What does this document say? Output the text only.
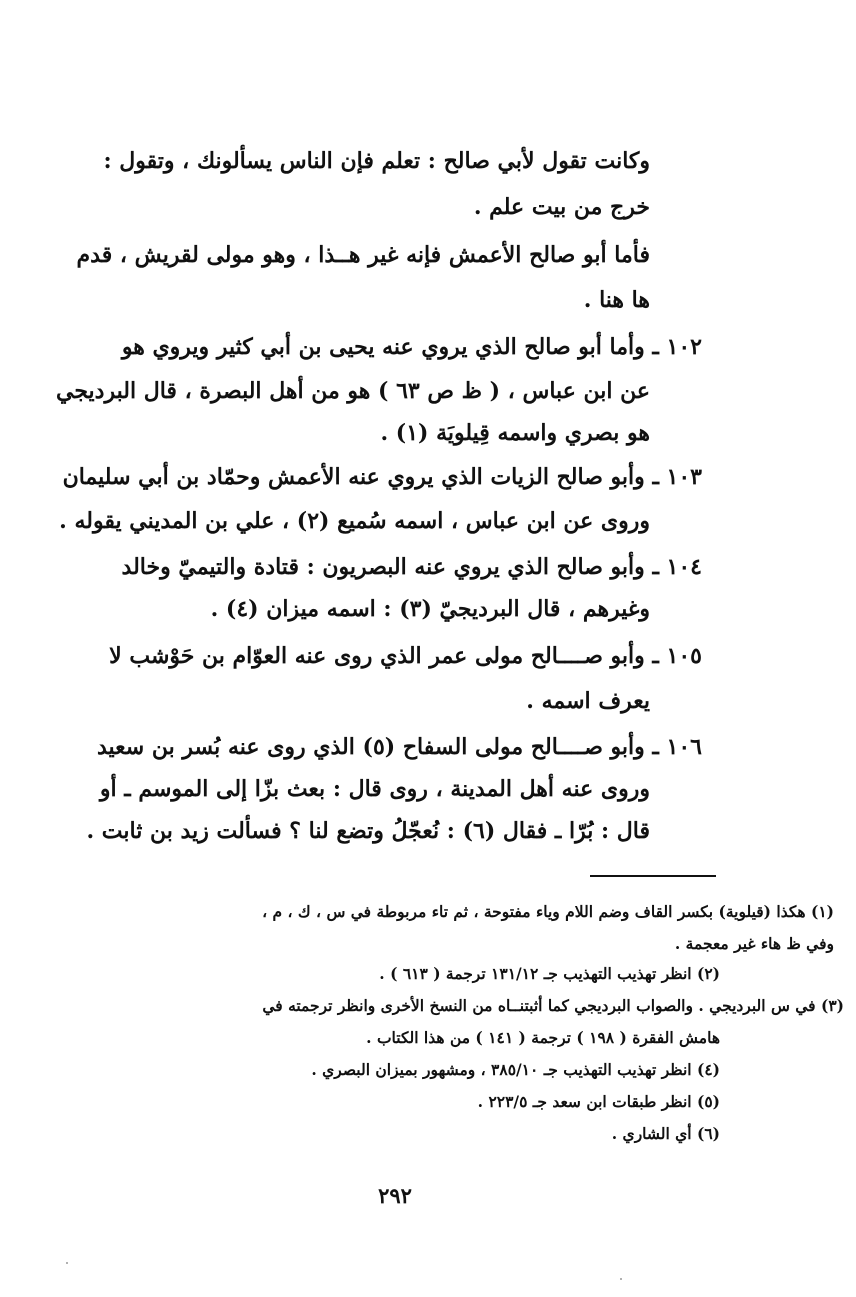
وكانت تقول لأبي صالح : تعلم فإن الناس يسألونك ، وتقول :
خرج من بيت علم .
فأما أبو صالح الأعمش فإنه غير هــذا ، وهو مولى لقريش ، قدم
ها هنا .
١٠٢ ـ وأما أبو صالح الذي يروي عنه يحيى بن أبي كثير ويروي هو
عن ابن عباس ، ( ظ ص ٦٣ ) هو من أهل البصرة ، قال البرديجي
هو بصري واسمه قِيلويَة (١) .
١٠٣ ـ وأبو صالح الزيات الذي يروي عنه الأعمش وحمّاد بن أبي سليمان
وروى عن ابن عباس ، اسمه سُميع (٢) ، علي بن المديني يقوله .
١٠٤ ـ وأبو صالح الذي يروي عنه البصريون : قتادة والتيميّ وخالد
وغيرهم ، قال البرديجيّ (٣) : اسمه ميزان (٤) .
١٠٥ ـ وأبو صــــالح مولى عمر الذي روى عنه العوّام بن حَوْشب لا
يعرف اسمه .
١٠٦ ـ وأبو صــــالح مولى السفاح (٥) الذي روى عنه بُسر بن سعيد
وروى عنه أهل المدينة ، روى قال : بعث بزّا إلى الموسم ـ أو
قال : بُرّا ـ فقال (٦) : نُعجّلُ وتضع لنا ؟ فسألت زيد بن ثابت .
(١) هكذا (قيلوية) بكسر القاف وضم اللام وياء مفتوحة ، ثم تاء مربوطة في س ، ك ، م ،
وفي ظ هاء غير معجمة .
(٢) انظر تهذيب التهذيب جـ ١٣١/١٢ ترجمة ( ٦١٣ ) .
(٣) في س البرديجي . والصواب البرديجي كما أثبتنــاه من النسخ الأخرى وانظر ترجمته في
هامش الفقرة ( ١٩٨ ) ترجمة ( ١٤١ ) من هذا الكتاب .
(٤) انظر تهذيب التهذيب جـ ٣٨٥/١٠ ، ومشهور بميزان البصري .
(٥) انظر طبقات ابن سعد جـ ٢٢٣/٥ .
(٦) أي الشاري .
٢٩٢
